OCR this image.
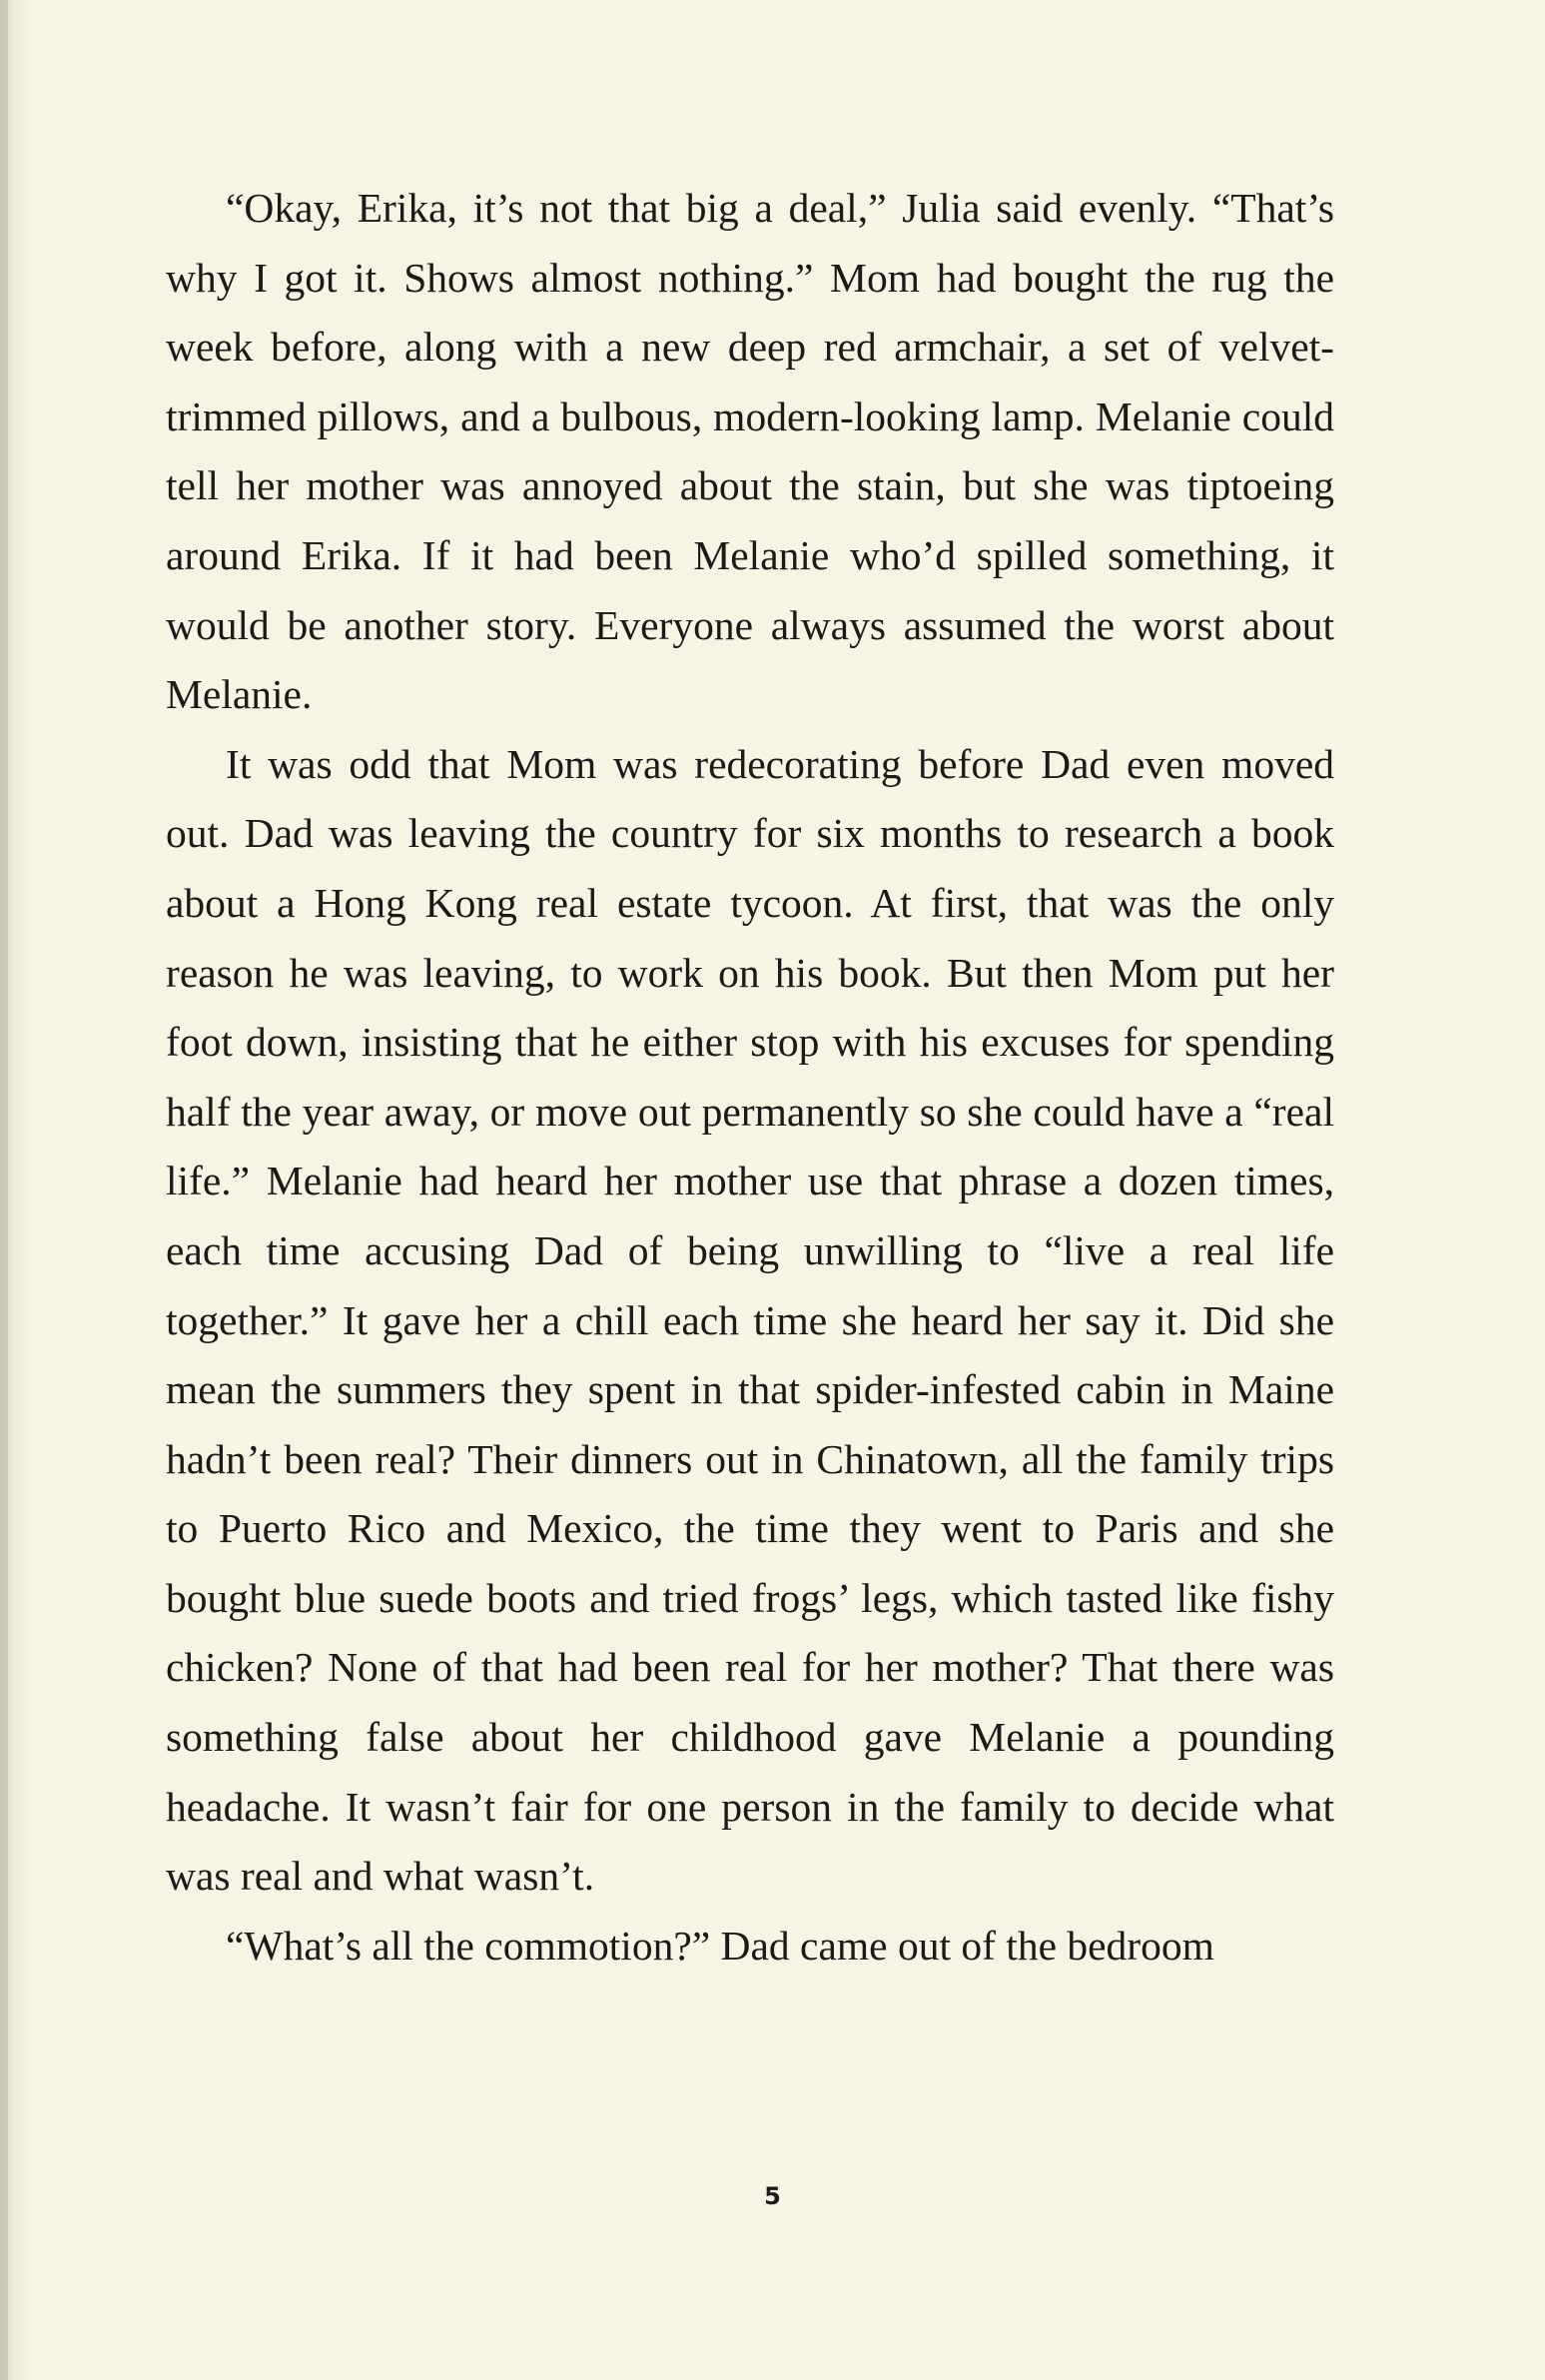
“Okay, Erika, it’s not that big a deal,” Julia said evenly. “That’s why I got it. Shows almost nothing.” Mom had bought the rug the week before, along with a new deep red armchair, a set of velvet-trimmed pillows, and a bulbous, modern-looking lamp. Melanie could tell her mother was annoyed about the stain, but she was tiptoeing around Erika. If it had been Melanie who’d spilled something, it would be another story. Everyone always assumed the worst about Melanie.

It was odd that Mom was redecorating before Dad even moved out. Dad was leaving the country for six months to research a book about a Hong Kong real estate tycoon. At first, that was the only reason he was leaving, to work on his book. But then Mom put her foot down, insisting that he either stop with his excuses for spending half the year away, or move out permanently so she could have a “real life.” Melanie had heard her mother use that phrase a dozen times, each time accusing Dad of being unwilling to “live a real life together.” It gave her a chill each time she heard her say it. Did she mean the summers they spent in that spider-infested cabin in Maine hadn’t been real? Their dinners out in Chinatown, all the family trips to Puerto Rico and Mexico, the time they went to Paris and she bought blue suede boots and tried frogs’ legs, which tasted like fishy chicken? None of that had been real for her mother? That there was something false about her childhood gave Melanie a pounding headache. It wasn’t fair for one person in the family to decide what was real and what wasn’t.

“What’s all the commotion?” Dad came out of the bedroom

5
